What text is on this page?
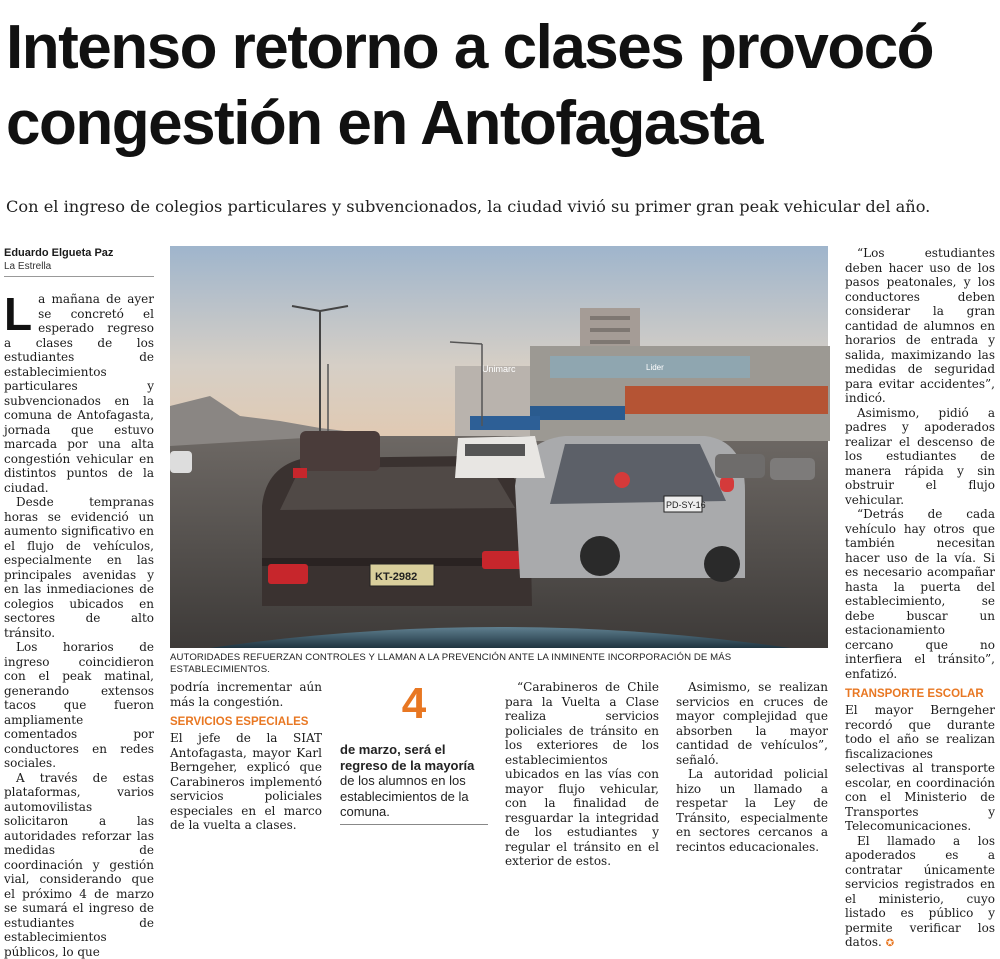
Intenso retorno a clases provocó congestión en Antofagasta
Con el ingreso de colegios particulares y subvencionados, la ciudad vivió su primer gran peak vehicular del año.
Eduardo Elgueta Paz
La Estrella
Unimarc	Lider
KT-2982
PD-SY-16
AUTORIDADES REFUERZAN CONTROLES Y LLAMAN A LA PREVENCIÓN ANTE LA INMINENTE INCORPORACIÓN DE MÁS ESTABLECIMIENTOS.

La mañana de ayer se concretó el esperado regreso a clases de los estudiantes de establecimientos particulares y subvencionados en la comuna de Antofagasta, jornada que estuvo marcada por una alta congestión vehicular en distintos puntos de la ciudad.

Desde tempranas horas se evidenció un aumento significativo en el flujo de vehículos, especialmente en las principales avenidas y en las inmediaciones de colegios ubicados en sectores de alto tránsito.

Los horarios de ingreso coincidieron con el peak matinal, generando extensos tacos que fueron ampliamente comentados por conductores en redes sociales.

A través de estas plataformas, varios automovilistas solicitaron a las autoridades reforzar las medidas de coordinación y gestión vial, considerando que el próximo 4 de marzo se sumará el ingreso de estudiantes de establecimientos públicos, lo que

podría incrementar aún más la congestión.

SERVICIOS ESPECIALES

El jefe de la SIAT Antofagasta, mayor Karl Berngeher, explicó que Carabineros implementó servicios policiales especiales en el marco de la vuelta a clases.

4
de marzo, será el regreso de la mayoría de los alumnos en los establecimientos de la comuna.

“Carabineros de Chile para la Vuelta a Clase realiza servicios policiales de tránsito en los exteriores de los establecimientos ubicados en las vías con mayor flujo vehicular, con la finalidad de resguardar la integridad de los estudiantes y regular el tránsito en el exterior de estos.

Asimismo, se realizan servicios en cruces de mayor complejidad que absorben la mayor cantidad de vehículos”, señaló.

La autoridad policial hizo un llamado a respetar la Ley de Tránsito, especialmente en sectores cercanos a recintos educacionales.

“Los estudiantes deben hacer uso de los pasos peatonales, y los conductores deben considerar la gran cantidad de alumnos en horarios de entrada y salida, maximizando las medidas de seguridad para evitar accidentes”, indicó.

Asimismo, pidió a padres y apoderados realizar el descenso de los estudiantes de manera rápida y sin obstruir el flujo vehicular.

“Detrás de cada vehículo hay otros que también necesitan hacer uso de la vía. Si es necesario acompañar hasta la puerta del establecimiento, se debe buscar un estacionamiento cercano que no interfiera el tránsito”, enfatizó.

TRANSPORTE ESCOLAR

El mayor Berngeher recordó que durante todo el año se realizan fiscalizaciones selectivas al transporte escolar, en coordinación con el Ministerio de Transportes y Telecomunicaciones.

El llamado a los apoderados es a contratar únicamente servicios registrados en el ministerio, cuyo listado es público y permite verificar los datos. ✪
